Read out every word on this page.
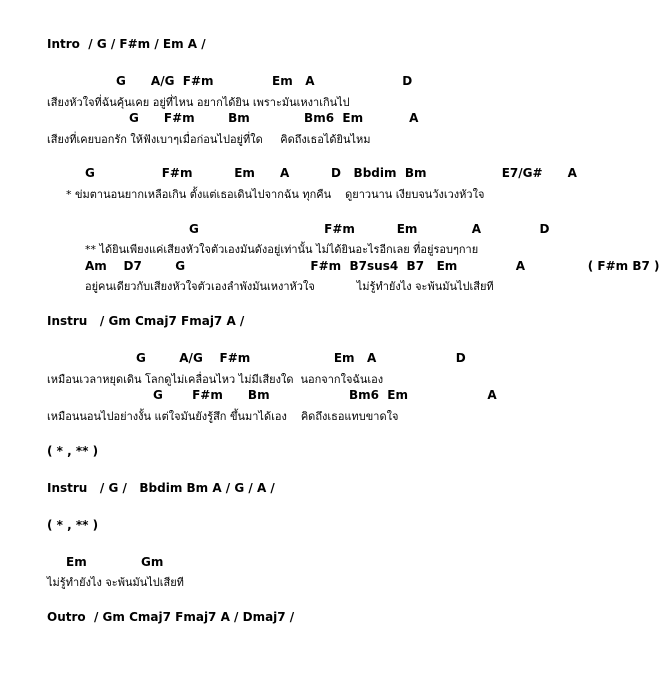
Intro  / G / F#m / Em A /
G      A/G  F#m              Em   A                     D
เสียงหัวใจที่ฉันคุ้นเคย อยู่ที่ไหน อยากได้ยิน เพราะมันเหงาเกินไป
G      F#m        Bm             Bm6  Em           A
เสียงที่เคยบอกรัก ให้ฟังเบาๆเมื่อก่อนไปอยู่ที่ใด     คิดถึงเธอได้ยินไหม
G                F#m          Em      A          D   Bbdim  Bm                  E7/G#      A
* ข่มตานอนยากเหลือเกิน ตั้งแต่เธอเดินไปจากฉัน ทุกคืน    ดูยาวนาน เงียบจนวังเวงหัวใจ
G                              F#m          Em             A              D
** ได้ยินเพียงแค่เสียงหัวใจตัวเองมันดังอยู่เท่านั้น ไม่ได้ยินอะไรอีกเลย ที่อยู่รอบๆกาย
Am    D7        G                              F#m  B7sus4  B7   Em              A               ( F#m B7 )
อยู่คนเดียวกับเสียงหัวใจตัวเองลำพังมันเหงาหัวใจ            ไม่รู้ทำยังไง จะพ้นมันไปเสียที
Instru   / Gm Cmaj7 Fmaj7 A /
G        A/G    F#m                    Em   A                   D
เหมือนเวลาหยุดเดิน โลกดูไม่เคลื่อนไหว ไม่มีเสียงใด  นอกจากใจฉันเอง
G       F#m      Bm                   Bm6  Em                   A
เหมือนนอนไปอย่างงั้น แต่ใจมันยังรู้สึก ขึ้นมาได้เอง    คิดถึงเธอแทบขาดใจ
( * , ** )
Instru   / G /   Bbdim Bm A / G / A /
( * , ** )
Em             Gm
ไม่รู้ทำยังไง จะพ้นมันไปเสียที
Outro  / Gm Cmaj7 Fmaj7 A / Dmaj7 /
